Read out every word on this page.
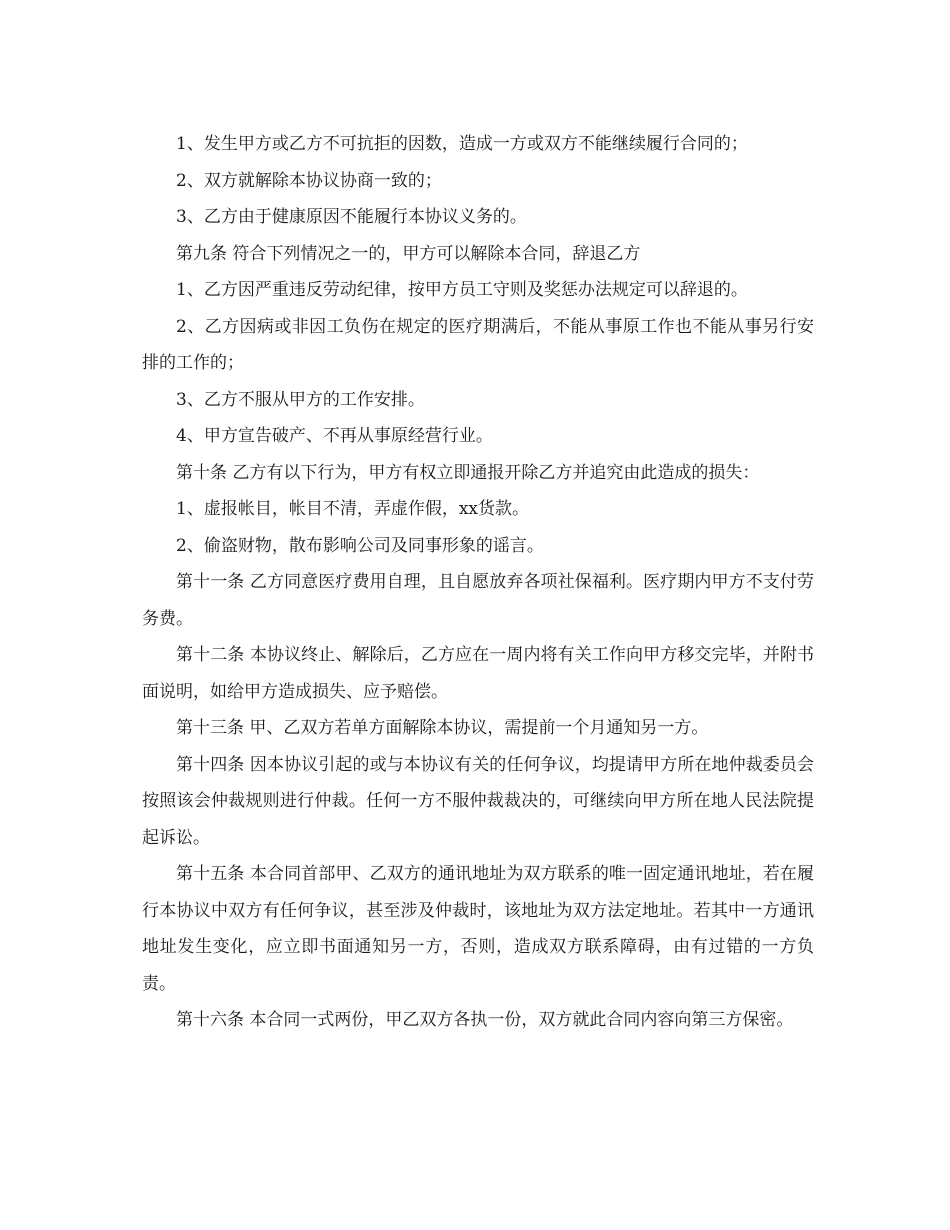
1、发生甲方或乙方不可抗拒的因数，造成一方或双方不能继续履行合同的；

2、双方就解除本协议协商一致的；

3、乙方由于健康原因不能履行本协议义务的。

第九条 符合下列情况之一的，甲方可以解除本合同，辞退乙方

1、乙方因严重违反劳动纪律，按甲方员工守则及奖惩办法规定可以辞退的。

2、乙方因病或非因工负伤在规定的医疗期满后，不能从事原工作也不能从事另行安排的工作的；

3、乙方不服从甲方的工作安排。

4、甲方宣告破产、不再从事原经营行业。

第十条 乙方有以下行为，甲方有权立即通报开除乙方并追究由此造成的损失：

1、虚报帐目，帐目不清，弄虚作假，xx货款。

2、偷盗财物，散布影响公司及同事形象的谣言。

第十一条 乙方同意医疗费用自理，且自愿放弃各项社保福利。医疗期内甲方不支付劳务费。

第十二条 本协议终止、解除后，乙方应在一周内将有关工作向甲方移交完毕，并附书面说明，如给甲方造成损失、应予赔偿。

第十三条 甲、乙双方若单方面解除本协议，需提前一个月通知另一方。

第十四条 因本协议引起的或与本协议有关的任何争议，均提请甲方所在地仲裁委员会按照该会仲裁规则进行仲裁。任何一方不服仲裁裁决的，可继续向甲方所在地人民法院提起诉讼。

第十五条 本合同首部甲、乙双方的通讯地址为双方联系的唯一固定通讯地址，若在履行本协议中双方有任何争议，甚至涉及仲裁时，该地址为双方法定地址。若其中一方通讯地址发生变化，应立即书面通知另一方，否则，造成双方联系障碍，由有过错的一方负责。

第十六条 本合同一式两份，甲乙双方各执一份，双方就此合同内容向第三方保密。
